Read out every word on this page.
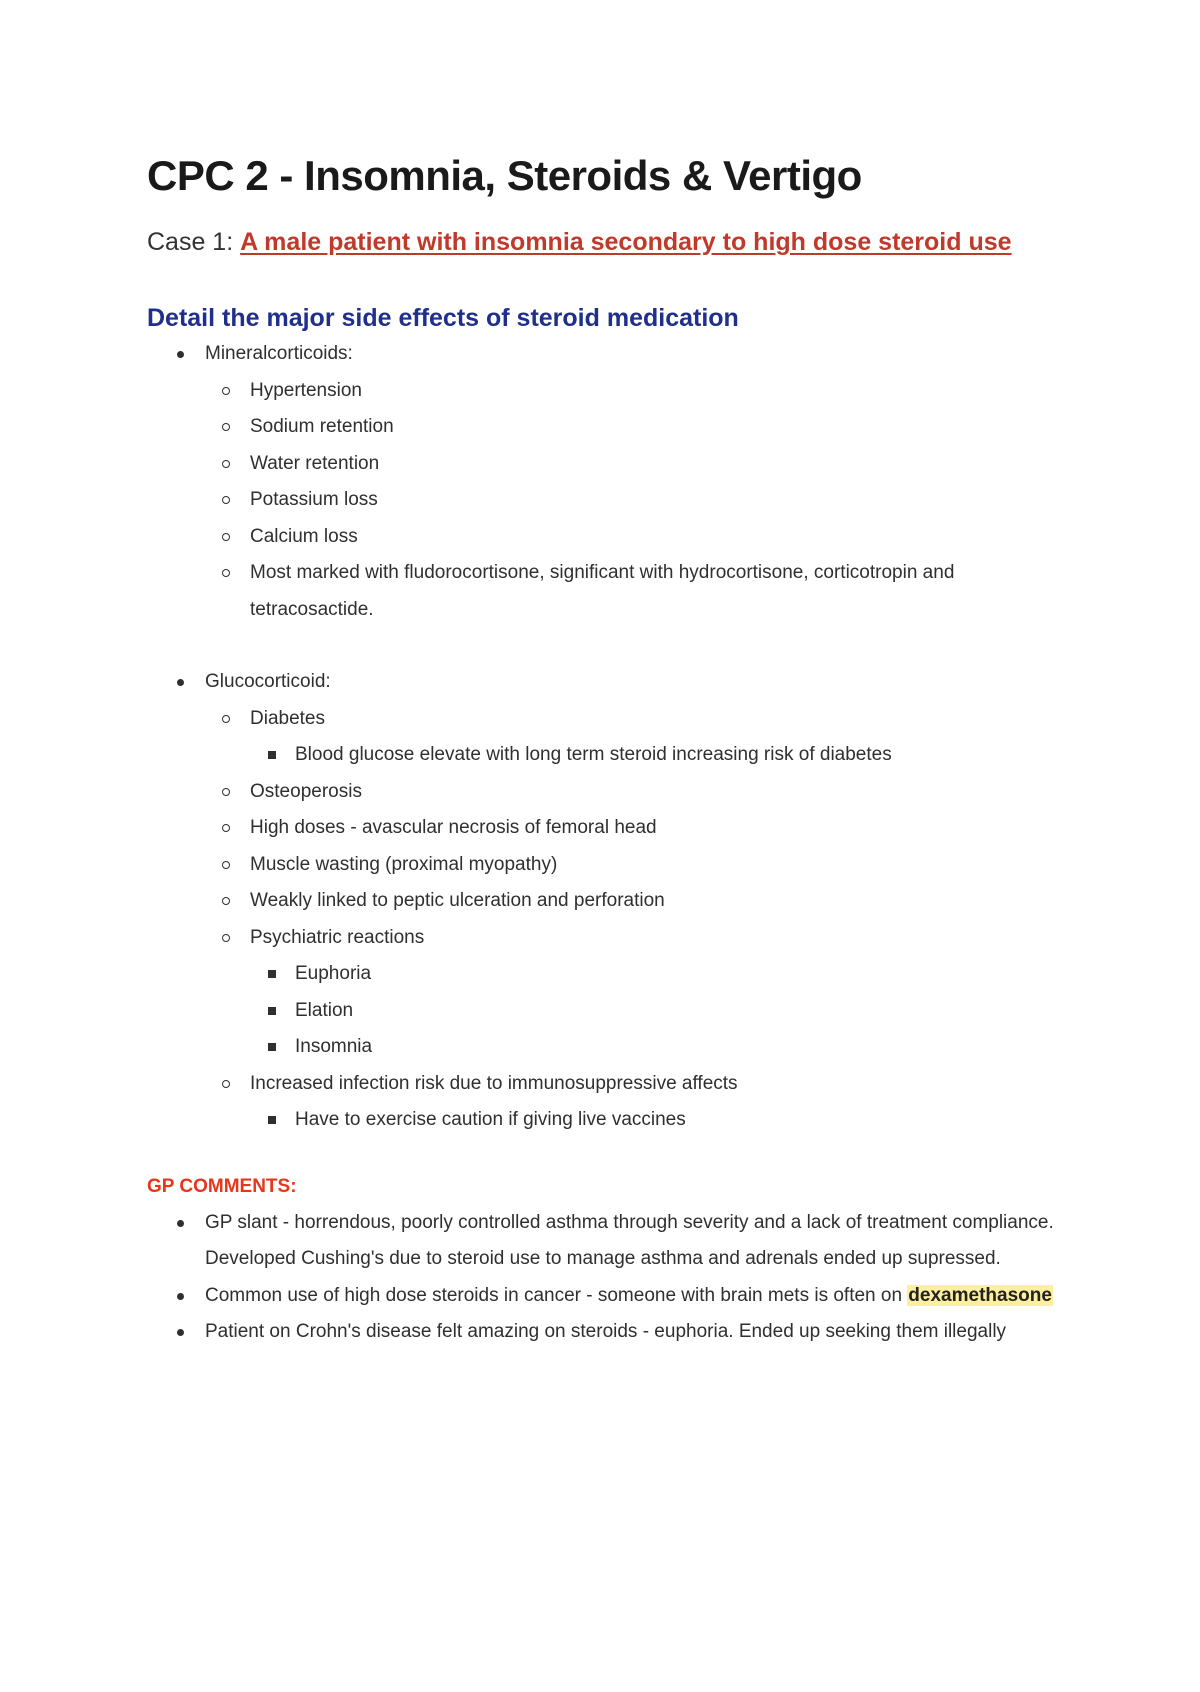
CPC 2 - Insomnia, Steroids & Vertigo
Case 1: A male patient with insomnia secondary to high dose steroid use
Detail the major side effects of steroid medication
Mineralcorticoids:
Hypertension
Sodium retention
Water retention
Potassium loss
Calcium loss
Most marked with fludorocortisone, significant with hydrocortisone, corticotropin and tetracosactide.
Glucocorticoid:
Diabetes
Blood glucose elevate with long term steroid increasing risk of diabetes
Osteoperosis
High doses - avascular necrosis of femoral head
Muscle wasting (proximal myopathy)
Weakly linked to peptic ulceration and perforation
Psychiatric reactions
Euphoria
Elation
Insomnia
Increased infection risk due to immunosuppressive affects
Have to exercise caution if giving live vaccines
GP COMMENTS:
GP slant - horrendous, poorly controlled asthma through severity and a lack of treatment compliance. Developed Cushing's due to steroid use to manage asthma and adrenals ended up supressed.
Common use of high dose steroids in cancer - someone with brain mets is often on dexamethasone
Patient on Crohn's disease felt amazing on steroids - euphoria. Ended up seeking them illegally
